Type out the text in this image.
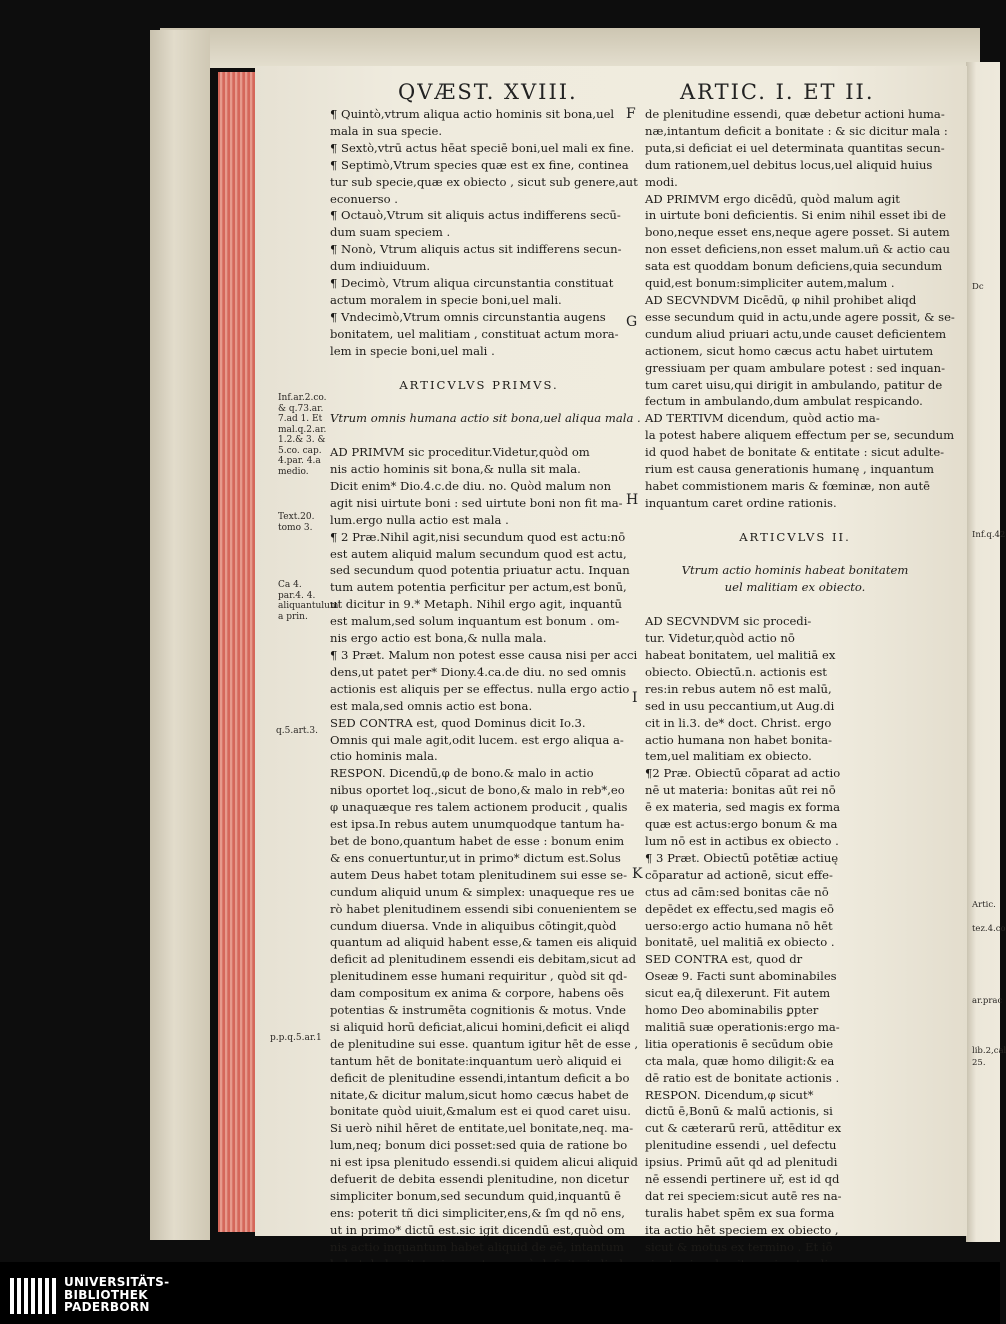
QVÆST. XVIII.	ARTIC. I. ET II.
Inf.ar.2.co. & q.73.ar. 7.ad 1. Et mal.q.2.ar. 1.2.& 3. & 5.co. cap. 4.par. 4.a medio.
Text.20. tomo 3.
Ca 4. par.4. 4. aliquantulum a prin.
q.5.art.3.
p.p.q.5.ar.1
F
G
H
I
K
Dc
Inf.q.42
Artic.
tez.4.co
ar.prac
lib.2,cal
25.
¶ Quintò,vtrum aliqua actio hominis sit bona,uel
mala in sua specie.
¶ Sextò,vtrū actus hēat speciē boni,uel mali ex fine.
¶ Septimò,Vtrum species quæ est ex fine, continea
tur sub specie,quæ ex obiecto , sicut sub genere,aut
econuerso .
¶ Octauò,Vtrum sit aliquis actus indifferens secū-
dum suam speciem .
¶ Nonò, Vtrum aliquis actus sit indifferens secun-
dum indiuiduum.
¶ Decimò, Vtrum aliqua circunstantia constituat
actum moralem in specie boni,uel mali.
¶ Vndecimò,Vtrum omnis circunstantia augens
bonitatem, uel malitiam , constituat actum mora-
lem in specie boni,uel mali .

ARTICVLVS PRIMVS.

Vtrum omnis humana actio sit bona,uel aliqua mala .

AD PRIMVM sic proceditur.Videtur,quòd om
nis actio hominis sit bona,& nulla sit mala.
Dicit enim* Dio.4.c.de diu. no. Quòd malum non
agit nisi uirtute boni : sed uirtute boni non fit ma-
lum.ergo nulla actio est mala .
¶ 2 Præ.Nihil agit,nisi secundum quod est actu:nō
est autem aliquid malum secundum quod est actu,
sed secundum quod potentia priuatur actu. Inquan
tum autem potentia perficitur per actum,est bonū,
ut dicitur in 9.* Metaph. Nihil ergo agit, inquantū
est malum,sed solum inquantum est bonum . om-
nis ergo actio est bona,& nulla mala.
¶ 3 Præt. Malum non potest esse causa nisi per acci
dens,ut patet per* Diony.4.ca.de diu. no sed omnis
actionis est aliquis per se effectus. nulla ergo actio
est mala,sed omnis actio est bona.
SED CONTRA est, quod Dominus dicit Io.3.
Omnis qui male agit,odit lucem. est ergo aliqua a-
ctio hominis mala.
RESPON. Dicendū,φ de bono.& malo in actio
nibus oportet loq.,sicut de bono,& malo in reb*,eo
φ unaquæque res talem actionem producit , qualis
est ipsa.In rebus autem unumquodque tantum ha-
bet de bono,quantum habet de esse : bonum enim
& ens conuertuntur,ut in primo* dictum est.Solus
autem Deus habet totam plenitudinem sui esse se-
cundum aliquid unum & simplex: unaqueque res ue
rò habet plenitudinem essendi sibi conuenientem se
cundum diuersa. Vnde in aliquibus cōtingit,quòd
quantum ad aliquid habent esse,& tamen eis aliquid
deficit ad plenitudinem essendi eis debitam,sicut ad
plenitudinem esse humani requiritur , quòd sit qd-
dam compositum ex anima & corpore, habens oēs
potentias & instrumēta cognitionis & motus. Vnde
si aliquid horū deficiat,alicui homini,deficit ei aliqd
de plenitudine sui esse. quantum igitur hēt de esse ,
tantum hēt de bonitate:inquantum uerò aliquid ei
deficit de plenitudine essendi,intantum deficit a bo
nitate,& dicitur malum,sicut homo cæcus habet de
bonitate quòd uiuit,&malum est ei quod caret uisu.
Si uerò nihil hēret de entitate,uel bonitate,neq. ma-
lum,neq; bonum dici posset:sed quia de ratione bo
ni est ipsa plenitudo essendi.si quidem alicui aliquid
defuerit de debita essendi plenitudine, non dicetur
simpliciter bonum,sed secundum quid,inquantū ē
ens: poterit tñ dici simpliciter,ens,& ſm qd nō ens,
ut in primo* dictū est.sic igit dicendū est,quòd om
nis actio inquantum habet aliquid de eē, intantum
de plenitudine essendi, quæ debetur actioni huma-
næ,intantum deficit a bonitate : & sic dicitur mala :
puta,si deficiat ei uel determinata quantitas secun-
dum rationem,uel debitus locus,uel aliquid huius
modi.
AD PRIMVM ergo dicēdū, quòd malum agit
in uirtute boni deficientis. Si enim nihil esset ibi de
bono,neque esset ens,neque agere posset. Si autem
non esset deficiens,non esset malum.uñ & actio cau
sata est quoddam bonum deficiens,quia secundum
quid,est bonum:simpliciter autem,malum .
AD SECVNDVM Dicēdū, φ nihil prohibet aliqd
esse secundum quid in actu,unde agere possit, & se-
cundum aliud priuari actu,unde causet deficientem
actionem, sicut homo cæcus actu habet uirtutem
gressiuam per quam ambulare potest : sed inquan-
tum caret uisu,qui dirigit in ambulando, patitur de
fectum in ambulando,dum ambulat respicando.
AD TERTIVM dicendum, quòd actio ma-
la potest habere aliquem effectum per se, secundum
id quod habet de bonitate & entitate : sicut adulte-
rium est causa generationis humanę , inquantum
habet commistionem maris & fœminæ, non autē
inquantum caret ordine rationis.

ARTICVLVS II.

Vtrum actio hominis habeat bonitatem
uel malitiam ex obiecto.

AD SECVNDVM sic procedi-
tur. Videtur,quòd actio nō
habeat bonitatem, uel malitiā ex
obiecto. Obiectū.n. actionis est
res:in rebus autem nō est malū,
sed in usu peccantium,ut Aug.di
cit in li.3. de* doct. Christ. ergo
actio humana non habet bonita-
tem,uel malitiam ex obiecto.
¶2 Præ. Obiectū cōparat ad actio
nē ut materia: bonitas aūt rei nō
ē ex materia, sed magis ex forma
quæ est actus:ergo bonum & ma
lum nō est in actibus ex obiecto .
¶ 3 Præt. Obiectū potētiæ actiuę
cōparatur ad actionē, sicut effe-
ctus ad cām:sed bonitas cāe nō
depēdet ex effectu,sed magis eō
uerso:ergo actio humana nō hēt
bonitatē, uel malitiā ex obiecto .
SED CONTRA est, quod dr
Oseæ 9. Facti sunt abominabiles
sicut ea,q̄ dilexerunt. Fit autem
homo Deo abominabilis ꝑpter
malitiā suæ operationis:ergo ma-
litia operationis ē secūdum obie
cta mala, quæ homo diligit:& ea
dē ratio est de bonitate actionis .
RESPON. Dicendum,φ sicut*
dictū ē,Bonū & malū actionis, si
cut & cæterarū rerū, attēditur ex
plenitudine essendi , uel defectu
ipsius. Primū aūt qd ad plenitudi
nē essendi pertinere uř, est id qd
dat rei speciem:sicut autē res na-
turalis habet spēm ex sua forma
ita actio hēt speciem ex obiecto ,
sicut & motus ex termino . Et iō
UNIVERSITÄTS-
BIBLIOTHEK
PADERBORN
